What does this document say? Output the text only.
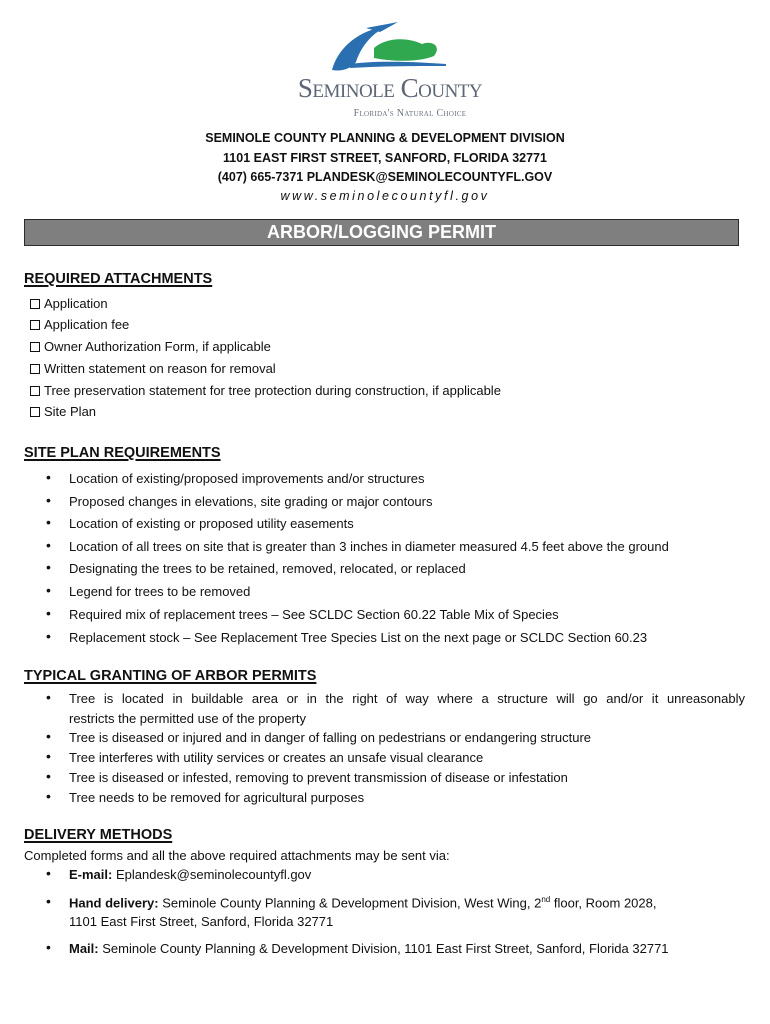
Seminole County
Florida's Natural Choice
SEMINOLE COUNTY PLANNING & DEVELOPMENT DIVISION
1101 EAST FIRST STREET, SANFORD, FLORIDA 32771
(407) 665-7371 PLANDESK@SEMINOLECOUNTYFL.GOV
www.seminolecountyfl.gov
ARBOR/LOGGING PERMIT
REQUIRED ATTACHMENTS
Application
Application fee
Owner Authorization Form, if applicable
Written statement on reason for removal
Tree preservation statement for tree protection during construction, if applicable
Site Plan
SITE PLAN REQUIREMENTS
• Location of existing/proposed improvements and/or structures
• Proposed changes in elevations, site grading or major contours
• Location of existing or proposed utility easements
• Location of all trees on site that is greater than 3 inches in diameter measured 4.5 feet above the ground
• Designating the trees to be retained, removed, relocated, or replaced
• Legend for trees to be removed
• Required mix of replacement trees – See SCLDC Section 60.22 Table Mix of Species
• Replacement stock – See Replacement Tree Species List on the next page or SCLDC Section 60.23
TYPICAL GRANTING OF ARBOR PERMITS
• Tree is located in buildable area or in the right of way where a structure will go and/or it unreasonably
restricts the permitted use of the property
• Tree is diseased or injured and in danger of falling on pedestrians or endangering structure
• Tree interferes with utility services or creates an unsafe visual clearance
• Tree is diseased or infested, removing to prevent transmission of disease or infestation
• Tree needs to be removed for agricultural purposes
DELIVERY METHODS
Completed forms and all the above required attachments may be sent via:
• E-mail: Eplandesk@seminolecountyfl.gov
• Hand delivery: Seminole County Planning & Development Division, West Wing, 2nd floor, Room 2028,
1101 East First Street, Sanford, Florida 32771
• Mail: Seminole County Planning & Development Division, 1101 East First Street, Sanford, Florida 32771
